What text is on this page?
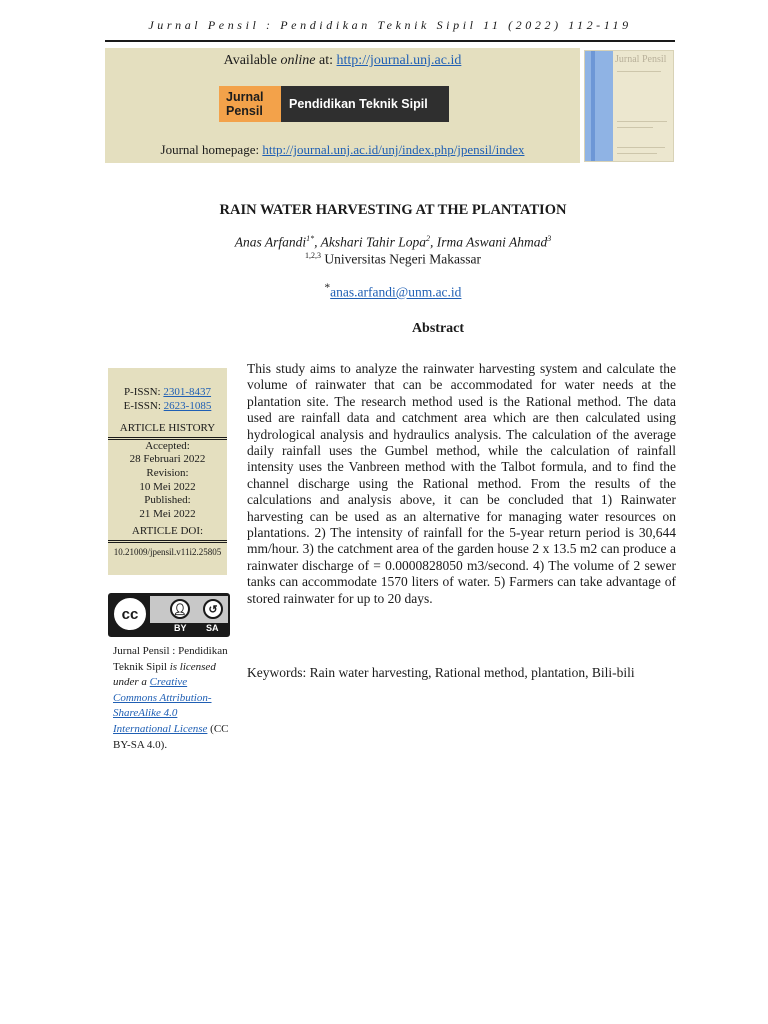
Jurnal Pensil : Pendidikan Teknik Sipil 11 (2022) 112-119
Available online at: http://journal.unj.ac.id
Jurnal
Pensil	Pendidikan Teknik Sipil
Journal homepage: http://journal.unj.ac.id/unj/index.php/jpensil/index
Jurnal Pensil
RAIN WATER HARVESTING AT THE PLANTATION
Anas Arfandi$^{1*}$, Akshari Tahir Lopa$^2$, Irma Aswani Ahmad$^3$
$^{1,2,3}$ Universitas Negeri Makassar
*anas.arfandi@unm.ac.id
Abstract
P-ISSN: 2301-8437
E-ISSN: 2623-1085
ARTICLE HISTORY
Accepted:
28 Februari 2022
Revision:
10 Mei 2022
Published:
21 Mei 2022
ARTICLE DOI:
10.21009/jpensil.v11i2.25805
cc	👤︎	↺
BY SA
Jurnal Pensil : Pendidikan Teknik Sipil is licensed under a Creative Commons Attribution-ShareAlike 4.0 International License (CC BY-SA 4.0).

This study aims to analyze the rainwater harvesting system and calculate the volume of rainwater that can be accommodated for water needs at the plantation site. The research method used is the Rational method. The data used are rainfall data and catchment area which are then calculated using hydrological analysis and hydraulics analysis. The calculation of the average daily rainfall uses the Gumbel method, while the calculation of rainfall intensity uses the Vanbreen method with the Talbot formula, and to find the channel discharge using the Rational method. From the results of the calculations and analysis above, it can be concluded that 1) Rainwater harvesting can be used as an alternative for managing water resources on plantations. 2) The intensity of rainfall for the 5-year return period is 30,644 mm/hour. 3) the catchment area of the garden house 2 x 13.5 m2 can produce a rainwater discharge of = 0.0000828050 m3/second. 4) The volume of 2 sewer tanks can accommodate 1570 liters of water. 5) Farmers can take advantage of stored rainwater for up to 20 days.

Keywords: Rain water harvesting, Rational method, plantation, Bili-bili
